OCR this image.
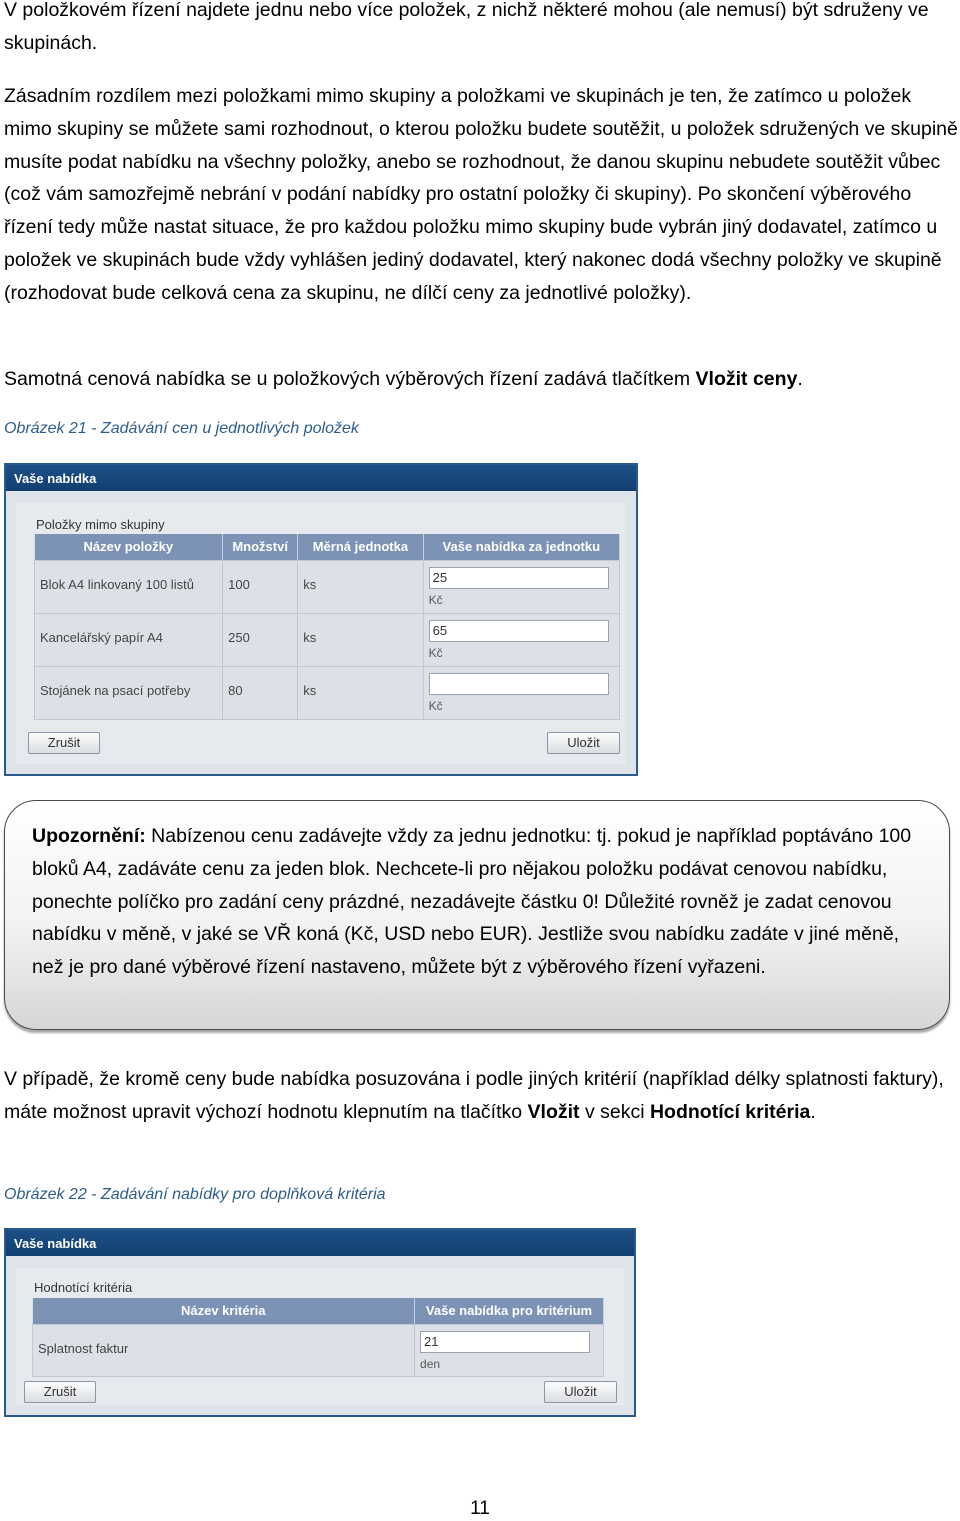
V položkovém řízení najdete jednu nebo více položek, z nichž některé mohou (ale nemusí) být sdruženy ve skupinách.

Zásadním rozdílem mezi položkami mimo skupiny a položkami ve skupinách je ten, že zatímco u položek mimo skupiny se můžete sami rozhodnout, o kterou položku budete soutěžit, u položek sdružených ve skupině musíte podat nabídku na všechny položky, anebo se rozhodnout, že danou skupinu nebudete soutěžit vůbec (což vám samozřejmě nebrání v podání nabídky pro ostatní položky či skupiny). Po skončení výběrového řízení tedy může nastat situace, že pro každou položku mimo skupiny bude vybrán jiný dodavatel, zatímco u položek ve skupinách bude vždy vyhlášen jediný dodavatel, který nakonec dodá všechny položky ve skupině (rozhodovat bude celková cena za skupinu, ne dílčí ceny za jednotlivé položky).

Samotná cenová nabídka se u položkových výběrových řízení zadává tlačítkem Vložit ceny.

Obrázek 21 - Zadávání cen u jednotlivých položek
Vaše nabídka
Položky mimo skupiny
Název položky	Množství	Měrná jednotka	Vaše nabídka za jednotku
Blok A4 linkovaný 100 listů	100	ks	25
Kč

Kancelářský papír A4	250	ks	65
Kč

Stojánek na psací potřeby	80	ks	Kč
Zrušit	Uložit

Upozornění: Nabízenou cenu zadávejte vždy za jednu jednotku: tj. pokud je například poptáváno 100 bloků A4, zadáváte cenu za jeden blok. Nechcete-li pro nějakou položku podávat cenovou nabídku, ponechte políčko pro zadání ceny prázdné, nezadávejte částku 0! Důležité rovněž je zadat cenovou nabídku v měně, v jaké se VŘ koná (Kč, USD nebo EUR). Jestliže svou nabídku zadáte v jiné měně, než je pro dané výběrové řízení nastaveno, můžete být z výběrového řízení vyřazeni.

V případě, že kromě ceny bude nabídka posuzována i podle jiných kritérií (například délky splatnosti faktury), máte možnost upravit výchozí hodnotu klepnutím na tlačítko Vložit v sekci Hodnotící kritéria.

Obrázek 22 - Zadávání nabídky pro doplňková kritéria
Vaše nabídka
Hodnotící kritéria
Název kritéria	Vaše nabídka pro kritérium
Splatnost faktur	21
den
Zrušit	Uložit
11
